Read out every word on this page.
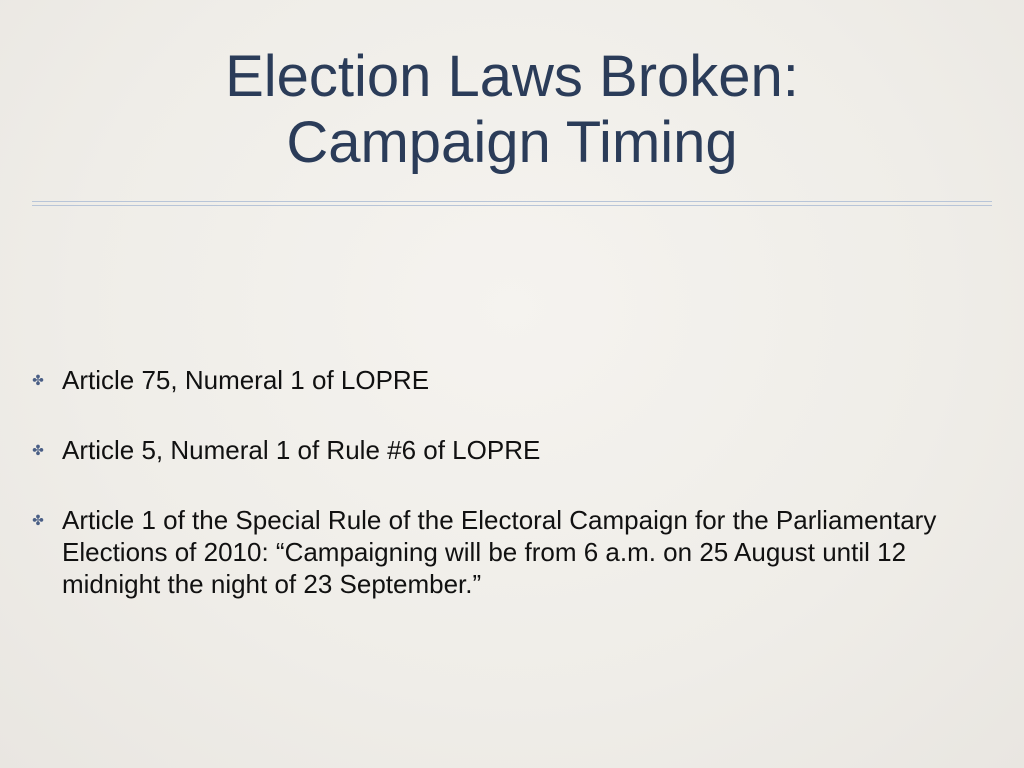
Election Laws Broken:
Campaign Timing
✤ Article 75, Numeral 1 of LOPRE
✤ Article 5, Numeral 1 of Rule #6 of LOPRE
✤ Article 1 of the Special Rule of the Electoral Campaign for the Parliamentary Elections of 2010: “Campaigning will be from 6 a.m. on 25 August until 12 midnight the night of 23 September.”
